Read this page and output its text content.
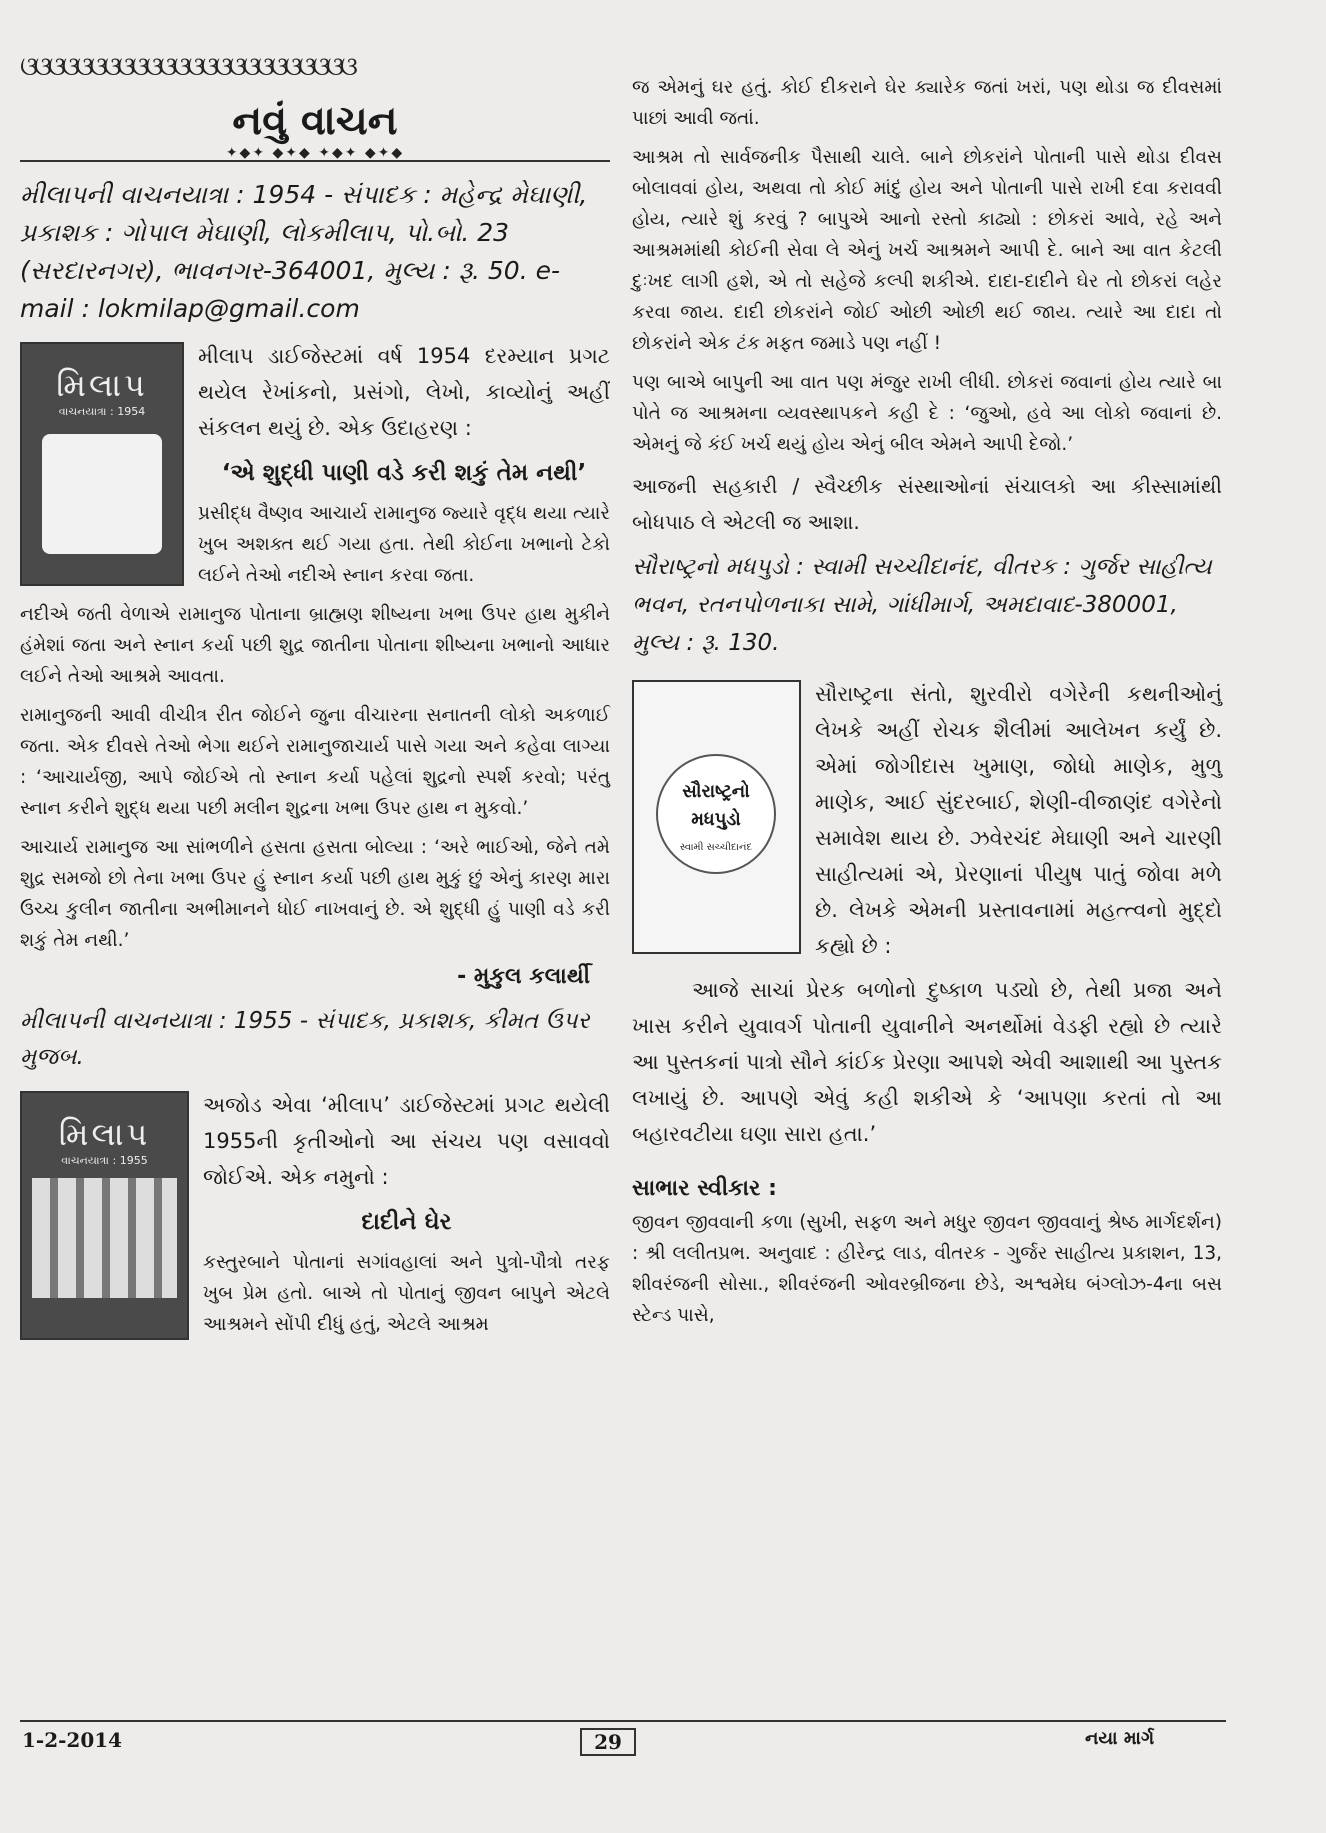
ଓଓଓଓଓଓଓଓଓଓଓଓଓଓଓଓଓଓଓଓଓଓଓଓ
નવું વાચન
✦◆✦ ◆✦◆ ✦◆✦ ◆✦◆
મીલાપની વાચનયાત્રા : 1954 - સંપાદક : મહેન્દ્ર મેઘાણી, પ્રકાશક : ગોપાલ મેઘાણી, લોકમીલાપ, પો.બો. 23 (સરદારનગર), ભાવનગર-364001, મુલ્ય : રૂ. 50. e-mail : lokmilap@gmail.com
મિલાપ
વાચનયાત્રા : 1954

મીલાપ ડાઈજેસ્ટમાં વર્ષ 1954 દરમ્યાન પ્રગટ થયેલ રેખાંકનો, પ્રસંગો, લેખો, કાવ્યોનું અહીં સંકલન થયું છે. એક ઉદાહરણ :

‘એ શુદ્ધી પાણી વડે કરી શકું તેમ નથી’

પ્રસીદ્ધ વૈષ્ણવ આચાર્ય રામાનુજ જ્યારે વૃદ્ધ થયા ત્યારે ખુબ અશક્ત થઈ ગયા હતા. તેથી કોઈના ખભાનો ટેકો લઈને તેઓ નદીએ સ્નાન કરવા જતા.

નદીએ જતી વેળાએ રામાનુજ પોતાના બ્રાહ્મણ શીષ્યના ખભા ઉપર હાથ મુકીને હંમેશાં જતા અને સ્નાન કર્યા પછી શુદ્ર જાતીના પોતાના શીષ્યના ખભાનો આધાર લઈને તેઓ આશ્રમે આવતા.

રામાનુજની આવી વીચીત્ર રીત જોઈને જુના વીચારના સનાતની લોકો અકળાઈ જતા. એક દીવસે તેઓ ભેગા થઈને રામાનુજાચાર્ય પાસે ગયા અને કહેવા લાગ્યા : ‘આચાર્યજી, આપે જોઈએ તો સ્નાન કર્યા પહેલાં શુદ્રનો સ્પર્શ કરવો; પરંતુ સ્નાન કરીને શુદ્ધ થયા પછી મલીન શુદ્રના ખભા ઉપર હાથ ન મુકવો.’

આચાર્ય રામાનુજ આ સાંભળીને હસતા હસતા બોલ્યા : ‘અરે ભાઈઓ, જેને તમે શુદ્ર સમજો છો તેના ખભા ઉપર હું સ્નાન કર્યા પછી હાથ મુકું છું એનું કારણ મારા ઉચ્ચ કુલીન જાતીના અભીમાનને ધોઈ નાખવાનું છે. એ શુદ્ધી હું પાણી વડે કરી શકું તેમ નથી.’

- મુકુલ કલાર્થી
મીલાપની વાચનયાત્રા : 1955 - સંપાદક, પ્રકાશક, કીમત ઉપર મુજબ.
મિલાપ
વાચનયાત્રા : 1955

અજોડ એવા ‘મીલાપ’ ડાઈજેસ્ટમાં પ્રગટ થયેલી 1955ની કૃતીઓનો આ સંચય પણ વસાવવો જોઈએ. એક નમુનો :

દાદીને ઘેર

કસ્તુરબાને પોતાનાં સગાંવહાલાં અને પુત્રો-પૌત્રો તરફ ખુબ પ્રેમ હતો. બાએ તો પોતાનું જીવન બાપુને એટલે આશ્રમને સોંપી દીધું હતું, એટલે આશ્રમ

જ એમનું ઘર હતું. કોઈ દીકરાને ઘેર ક્યારેક જતાં ખરાં, પણ થોડા જ દીવસમાં પાછાં આવી જતાં.

આશ્રમ તો સાર્વજનીક પૈસાથી ચાલે. બાને છોકરાંને પોતાની પાસે થોડા દીવસ બોલાવવાં હોય, અથવા તો કોઈ માંદું હોય અને પોતાની પાસે રાખી દવા કરાવવી હોય, ત્યારે શું કરવું ? બાપુએ આનો રસ્તો કાઢ્યો : છોકરાં આવે, રહે અને આશ્રમમાંથી કોઈની સેવા લે એનું ખર્ચ આશ્રમને આપી દે. બાને આ વાત કેટલી દુઃખદ લાગી હશે, એ તો સહેજે કલ્પી શકીએ. દાદા-દાદીને ઘેર તો છોકરાં લહેર કરવા જાય. દાદી છોકરાંને જોઈ ઓછી ઓછી થઈ જાય. ત્યારે આ દાદા તો છોકરાંને એક ટંક મફત જમાડે પણ નહીં !

પણ બાએ બાપુની આ વાત પણ મંજુર રાખી લીધી. છોકરાં જવાનાં હોય ત્યારે બા પોતે જ આશ્રમના વ્યવસ્થાપકને કહી દે : ‘જુઓ, હવે આ લોકો જવાનાં છે. એમનું જે કંઈ ખર્ચ થયું હોય એનું બીલ એમને આપી દેજો.’

આજની સહકારી / સ્વૈચ્છીક સંસ્થાઓનાં સંચાલકો આ કીસ્સામાંથી બોધપાઠ લે એટલી જ આશા.

સૌરાષ્ટ્રનો મધપુડો : સ્વામી સચ્ચીદાનંદ, વીતરક : ગુર્જર સાહીત્ય ભવન, રતનપોળનાકા સામે, ગાંધીમાર્ગ, અમદાવાદ-380001, મુલ્ય : રૂ. 130.
સૌરાષ્ટ્રનો મધપુડો
સ્વામી સચ્ચીદાનંદ

સૌરાષ્ટ્રના સંતો, શુરવીરો વગેરેની કથનીઓનું લેખકે અહીં રોચક શૈલીમાં આલેખન કર્યું છે. એમાં જોગીદાસ ખુમાણ, જોધો માણેક, મુળુ માણેક, આઈ સુંદરબાઈ, શેણી-વીજાણંદ વગેરેનો સમાવેશ થાય છે. ઝવેરચંદ મેઘાણી અને ચારણી સાહીત્યમાં એ, પ્રેરણાનાં પીયુષ પાતું જોવા મળે છે. લેખકે એમની પ્રસ્તાવનામાં મહત્ત્વનો મુદ્દો કહ્યો છે :

આજે સાચાં પ્રેરક બળોનો દુષ્કાળ પડ્યો છે, તેથી પ્રજા અને ખાસ કરીને યુવાવર્ગ પોતાની યુવાનીને અનર્થોમાં વેડફી રહ્યો છે ત્યારે આ પુસ્તકનાં પાત્રો સૌને કાંઈક પ્રેરણા આપશે એવી આશાથી આ પુસ્તક લખાયું છે. આપણે એવું કહી શકીએ કે ‘આપણા કરતાં તો આ બહારવટીયા ઘણા સારા હતા.’

સાભાર સ્વીકાર :

જીવન જીવવાની કળા (સુખી, સફળ અને મધુર જીવન જીવવાનું શ્રેષ્ઠ માર્ગદર્શન) : શ્રી લલીતપ્રભ. અનુવાદ : હીરેન્દ્ર લાડ, વીતરક - ગુર્જર સાહીત્ય પ્રકાશન, 13, શીવરંજની સોસા., શીવરંજની ઓવરબ્રીજના છેડે, અશ્વમેઘ બંગ્લોઝ-4ના બસ સ્ટેન્ડ પાસે,

1-2-2014	29	નયા માર્ગ
